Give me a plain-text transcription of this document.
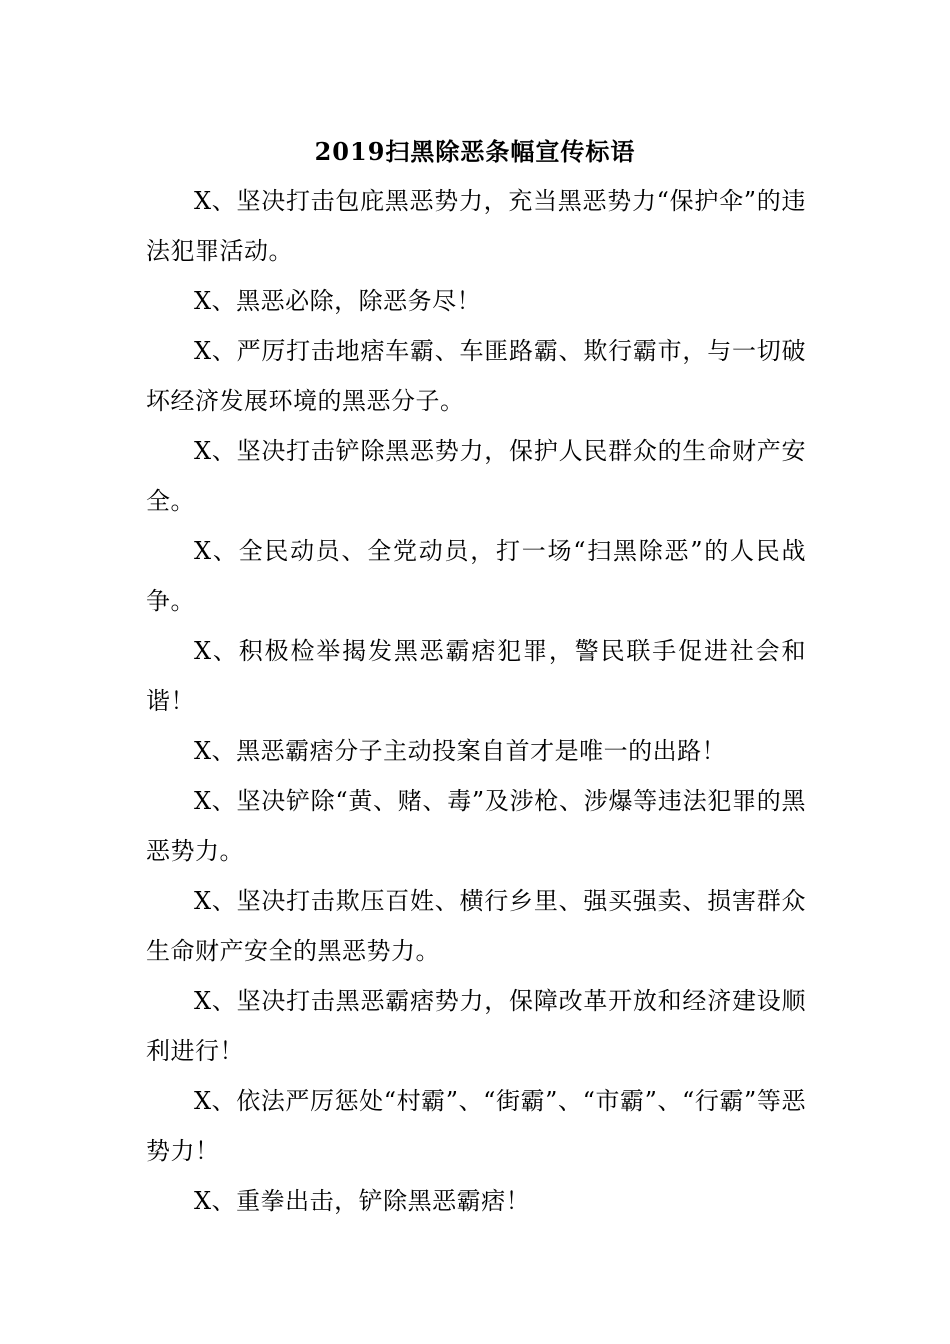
2019扫黑除恶条幅宣传标语

X、坚决打击包庇黑恶势力，充当黑恶势力“保护伞”的违法犯罪活动。

X、黑恶必除，除恶务尽！

X、严厉打击地痞车霸、车匪路霸、欺行霸市，与一切破坏经济发展环境的黑恶分子。

X、坚决打击铲除黑恶势力，保护人民群众的生命财产安全。

X、全民动员、全党动员，打一场“扫黑除恶”的人民战争。

X、积极检举揭发黑恶霸痞犯罪，警民联手促进社会和谐！

X、黑恶霸痞分子主动投案自首才是唯一的出路！

X、坚决铲除“黄、赌、毒”及涉枪、涉爆等违法犯罪的黑恶势力。

X、坚决打击欺压百姓、横行乡里、强买强卖、损害群众生命财产安全的黑恶势力。

X、坚决打击黑恶霸痞势力，保障改革开放和经济建设顺利进行！

X、依法严厉惩处“村霸”、“街霸”、“市霸”、“行霸”等恶势力！

X、重拳出击，铲除黑恶霸痞！
